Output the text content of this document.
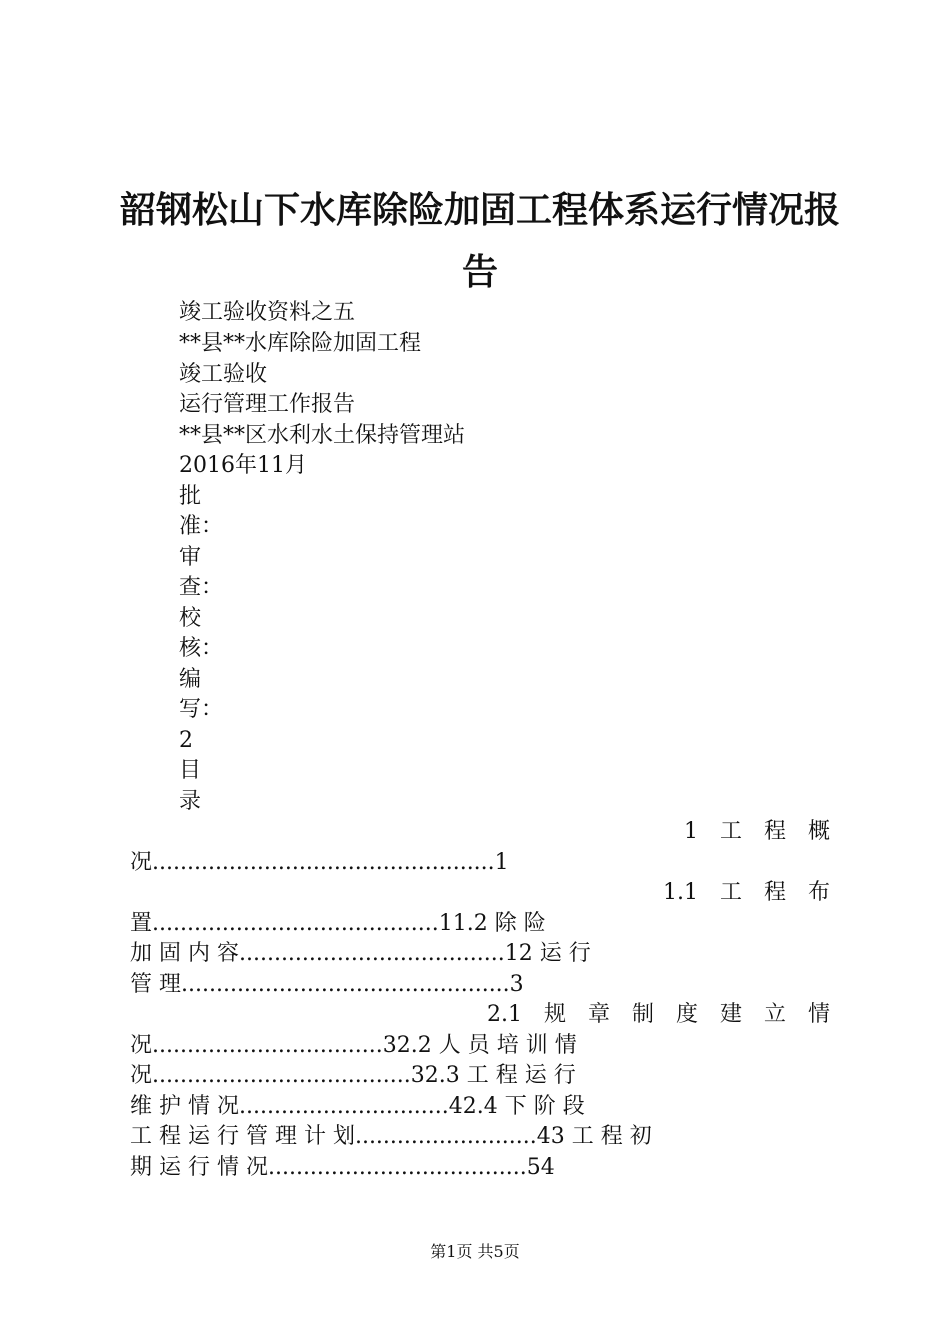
韶钢松山下水库除险加固工程体系运行情况报
告
竣工验收资料之五
**县**水库除险加固工程
竣工验收
运行管理工作报告
**县**区水利水土保持管理站
2016年11月
批
准：
审
查：
校
核：
编
写：
2
目
录
1　工　程　概
况.................................................1
1.1　工　程　布
置.........................................11.2 除 险
加 固 内 容......................................12 运 行
管 理...............................................3
2.1　规　章　制　度　建　立　情
况.................................32.2 人 员 培 训 情
况.....................................32.3 工 程 运 行
维 护 情 况..............................42.4 下 阶 段
工 程 运 行 管 理 计 划..........................43 工 程 初
期 运 行 情 况.....................................54
第1页 共5页
